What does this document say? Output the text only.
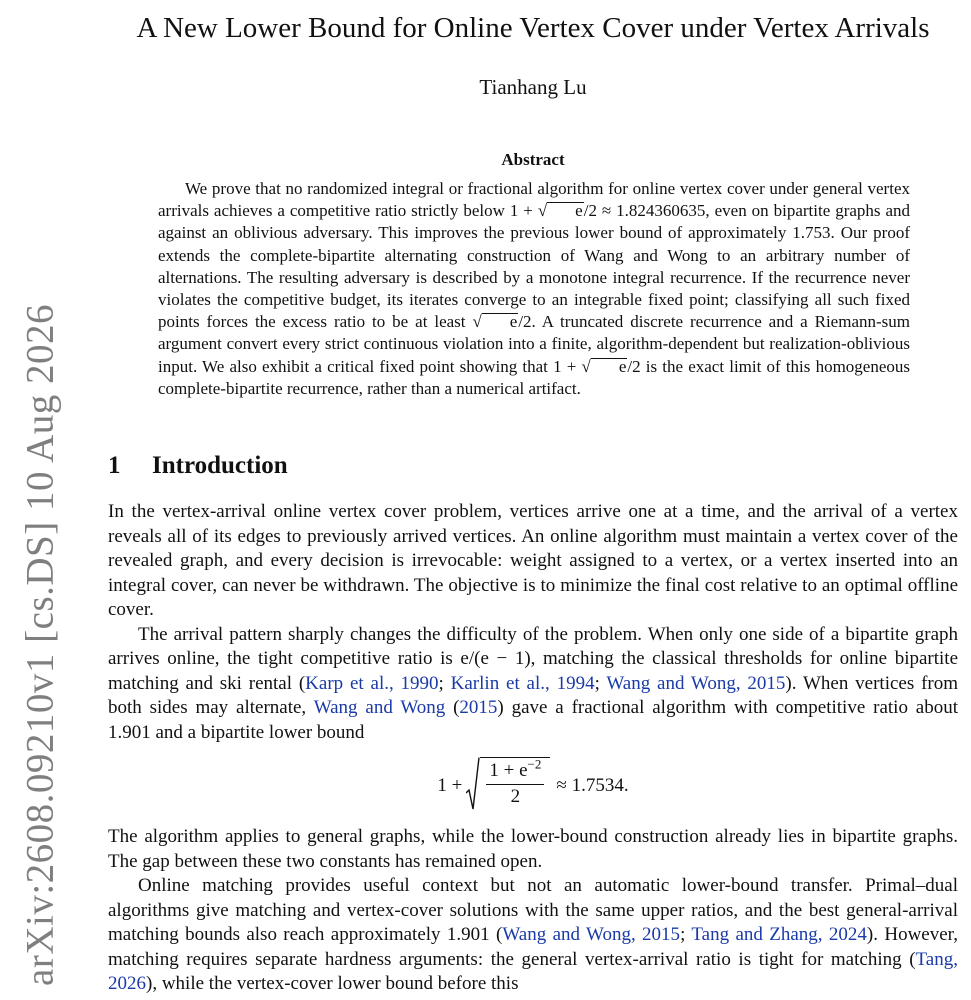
arXiv:2608.09210v1 [cs.DS] 10 Aug 2026
A New Lower Bound for Online Vertex Cover under Vertex Arrivals
Tianhang Lu
Abstract

We prove that no randomized integral or fractional algorithm for online vertex cover under general vertex arrivals achieves a competitive ratio strictly below 1 + √ e/2 ≈ 1.824360635, even on bipartite graphs and against an oblivious adversary. This improves the previous lower bound of approximately 1.753. Our proof extends the complete-bipartite alternating construction of Wang and Wong to an arbitrary number of alternations. The resulting adversary is described by a monotone integral recurrence. If the recurrence never violates the competitive budget, its iterates converge to an integrable fixed point; classifying all such fixed points forces the excess ratio to be at least √ e/2. A truncated discrete recurrence and a Riemann-sum argument convert every strict continuous violation into a finite, algorithm-dependent but realization-oblivious input. We also exhibit a critical fixed point showing that 1 + √ e/2 is the exact limit of this homogeneous complete-bipartite recurrence, rather than a numerical artifact.

1 Introduction

In the vertex-arrival online vertex cover problem, vertices arrive one at a time, and the arrival of a vertex reveals all of its edges to previously arrived vertices. An online algorithm must maintain a vertex cover of the revealed graph, and every decision is irrevocable: weight assigned to a vertex, or a vertex inserted into an integral cover, can never be withdrawn. The objective is to minimize the final cost relative to an optimal offline cover.

The arrival pattern sharply changes the difficulty of the problem. When only one side of a bipartite graph arrives online, the tight competitive ratio is e/(e − 1), matching the classical thresholds for online bipartite matching and ski rental (Karp et al., 1990; Karlin et al., 1994; Wang and Wong, 2015). When vertices from both sides may alternate, Wang and Wong (2015) gave a fractional algorithm with competitive ratio about 1.901 and a bipartite lower bound

$1 + \frac{1 + e^{-2}}{2} \approx 1.7534$.

The algorithm applies to general graphs, while the lower-bound construction already lies in bipartite graphs. The gap between these two constants has remained open.

Online matching provides useful context but not an automatic lower-bound transfer. Primal–dual algorithms give matching and vertex-cover solutions with the same upper ratios, and the best general-arrival matching bounds also reach approximately 1.901 (Wang and Wong, 2015; Tang and Zhang, 2024). However, matching requires separate hardness arguments: the general vertex-arrival ratio is tight for matching (Tang, 2026), while the vertex-cover lower bound before this
